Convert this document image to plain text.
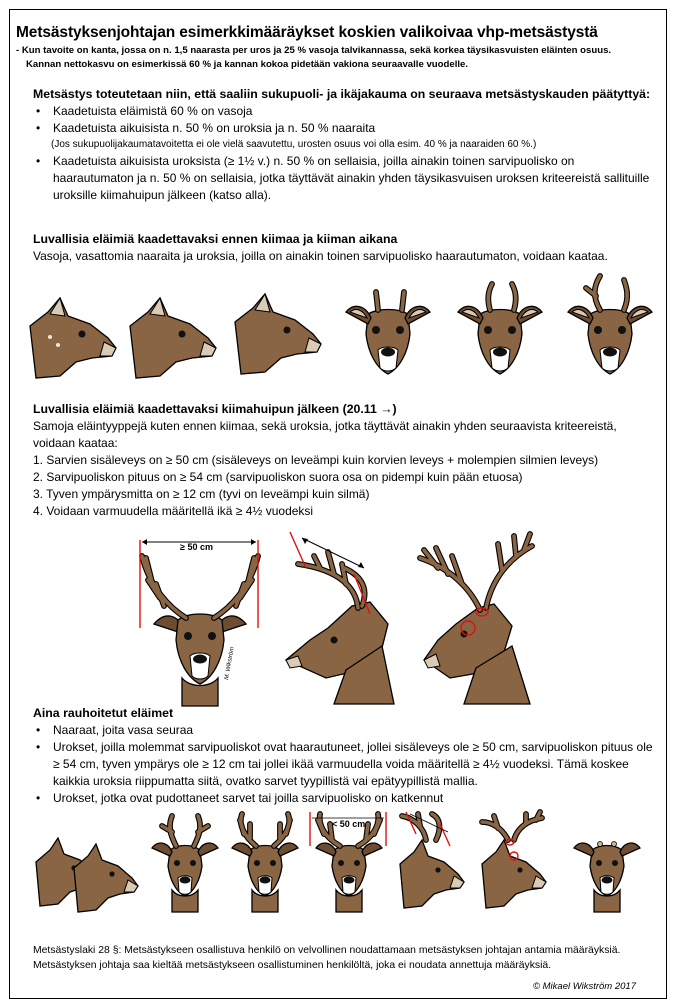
Metsästyksenjohtajan esimerkkimääräykset koskien valikoivaa vhp-metsästystä
- Kun tavoite on kanta, jossa on n. 1,5 naarasta per uros ja 25 % vasoja talvikannassa, sekä korkea täysikasvuisten eläinten osuus.
Kannan nettokasvu on esimerkissä 60 % ja kannan kokoa pidetään vakiona seuraavalle vuodelle.
Metsästys toteutetaan niin, että saaliin sukupuoli- ja ikäjakauma on seuraava metsästyskauden päätyttyä:
• Kaadetuista eläimistä 60 % on vasoja
• Kaadetuista aikuisista n. 50 % on uroksia ja n. 50 % naaraita
(Jos sukupuolijakaumatavoitetta ei ole vielä saavutettu, urosten osuus voi olla esim. 40 % ja naaraiden 60 %.)
• Kaadetuista aikuisista uroksista (≥ 1½ v.) n. 50 % on sellaisia, joilla ainakin toinen sarvipuolisko on haarautumaton ja n. 50 % on sellaisia, jotka täyttävät ainakin yhden täysikasvuisen uroksen kriteereistä sallituille uroksille kiimahuipun jälkeen (katso alla).
Luvallisia eläimiä kaadettavaksi ennen kiimaa ja kiiman aikana
Vasoja, vasattomia naaraita ja uroksia, joilla on ainakin toinen sarvipuolisko haarautumaton, voidaan kaataa.
Luvallisia eläimiä kaadettavaksi kiimahuipun jälkeen (20.11 →)
Samoja eläintyyppejä kuten ennen kiimaa, sekä uroksia, jotka täyttävät ainakin yhden seuraavista kriteereistä, voidaan kaataa:
1. Sarvien sisäleveys on ≥ 50 cm (sisäleveys on leveämpi kuin korvien leveys + molempien silmien leveys)
2. Sarvipuoliskon pituus on ≥ 54 cm (sarvipuoliskon suora osa on pidempi kuin pään etuosa)
3. Tyven ympärysmitta on ≥ 12 cm (tyvi on leveämpi kuin silmä)
4. Voidaan varmuudella määritellä ikä ≥ 4½ vuodeksi
≥ 50 cm
M. Wikström
Aina rauhoitetut eläimet
• Naaraat, joita vasa seuraa
• Urokset, joilla molemmat sarvipuoliskot ovat haarautuneet, jollei sisäleveys ole ≥ 50 cm, sarvipuoliskon pituus ole ≥ 54 cm, tyven ympärys ole ≥ 12 cm tai jollei ikää varmuudella voida määritellä ≥ 4½ vuodeksi. Tämä koskee kaikkia uroksia riippumatta siitä, ovatko sarvet tyypillistä vai epätyypillistä mallia.
• Urokset, jotka ovat pudottaneet sarvet tai joilla sarvipuolisko on katkennut
< 50 cm
Metsästyslaki 28 §: Metsästykseen osallistuva henkilö on velvollinen noudattamaan metsästyksen johtajan antamia määräyksiä. Metsästyksen johtaja saa kieltää metsästykseen osallistuminen henkilöltä, joka ei noudata annettuja määräyksiä.
© Mikael Wikström 2017
